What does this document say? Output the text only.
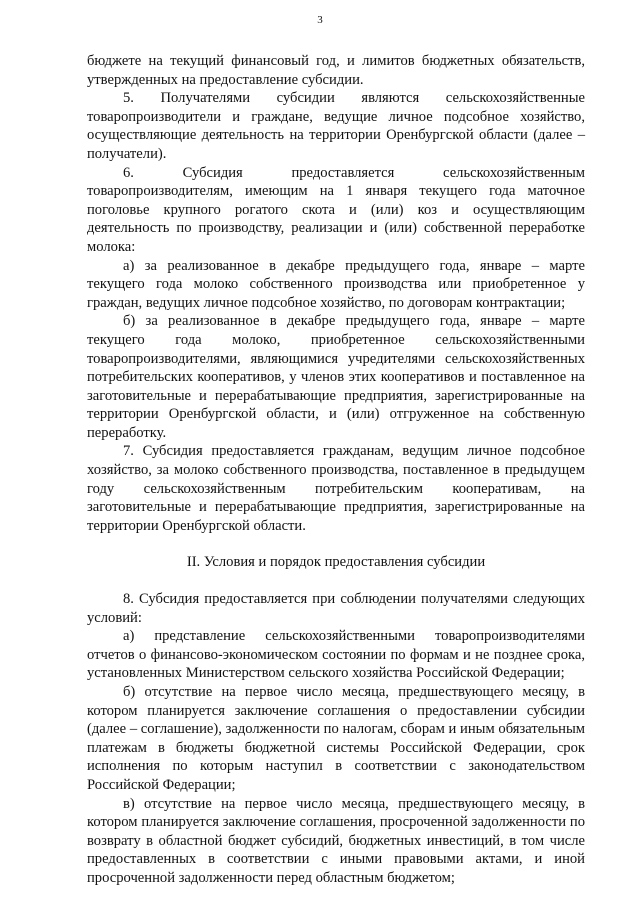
3

бюджете на текущий финансовый год, и лимитов бюджетных обязательств, утвержденных на предоставление субсидии.

5. Получателями субсидии являются сельскохозяйственные товаропроизводители и граждане, ведущие личное подсобное хозяйство, осуществляющие деятельность на территории Оренбургской области (далее – получатели).

6. Субсидия предоставляется сельскохозяйственным товаропроизводителям, имеющим на 1 января текущего года маточное поголовье крупного рогатого скота и (или) коз и осуществляющим деятельность по производству, реализации и (или) собственной переработке молока:

а) за реализованное в декабре предыдущего года, январе – марте текущего года молоко собственного производства или приобретенное у граждан, ведущих личное подсобное хозяйство, по договорам контрактации;

б) за реализованное в декабре предыдущего года, январе – марте текущего года молоко, приобретенное сельскохозяйственными товаропроизводителями, являющимися учредителями сельскохозяйственных потребительских кооперативов, у членов этих кооперативов и поставленное на заготовительные и перерабатывающие предприятия, зарегистрированные на территории Оренбургской области, и (или) отгруженное на собственную переработку.

7. Субсидия предоставляется гражданам, ведущим личное подсобное хозяйство, за молоко собственного производства, поставленное в предыдущем году сельскохозяйственным потребительским кооперативам, на заготовительные и перерабатывающие предприятия, зарегистрированные на территории Оренбургской области.

II. Условия и порядок предоставления субсидии

8. Субсидия предоставляется при соблюдении получателями следующих условий:

а) представление сельскохозяйственными товаропроизводителями отчетов о финансово-экономическом состоянии по формам и не позднее срока, установленных Министерством сельского хозяйства Российской Федерации;

б) отсутствие на первое число месяца, предшествующего месяцу, в котором планируется заключение соглашения о предоставлении субсидии (далее – соглашение), задолженности по налогам, сборам и иным обязательным платежам в бюджеты бюджетной системы Российской Федерации, срок исполнения по которым наступил в соответствии с законодательством Российской Федерации;

в) отсутствие на первое число месяца, предшествующего месяцу, в котором планируется заключение соглашения, просроченной задолженности по возврату в областной бюджет субсидий, бюджетных инвестиций, в том числе предоставленных в соответствии с иными правовыми актами, и иной просроченной задолженности перед областным бюджетом;
